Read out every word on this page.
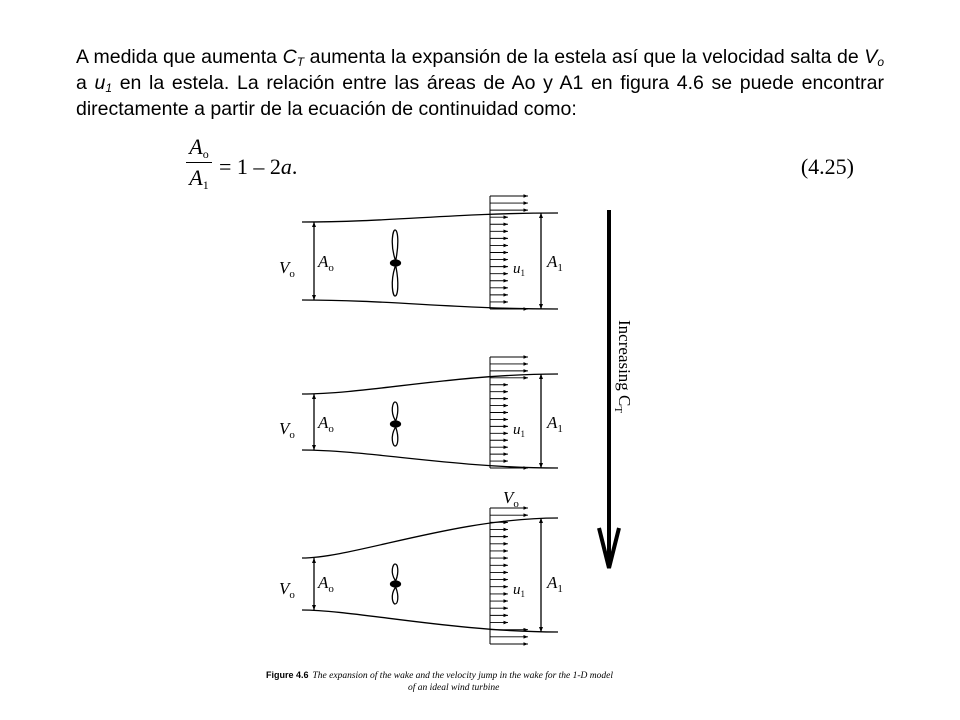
A medida que aumenta $C_T$ aumenta la expansión de la estela así que la velocidad salta de $V_o$ a $u_1$ en la estela. La relación entre las áreas de Ao y A1 en figura 4.6 se puede encontrar directamente a partir de la ecuación de continuidad como:

$A_o$
$A_1$
= 1 – 2a.	(4.25)
Increasing $C_T$
$V_o$
$A_o$	$A_1$
$u_1$
$V_o$
$A_o$	$A_1$
$u_1$
$V_o$
$A_o$	$A_1$
$u_1$
$V_o$
Figure 4.6 The expansion of the wake and the velocity jump in the wake for the 1-D model
of an ideal wind turbine
